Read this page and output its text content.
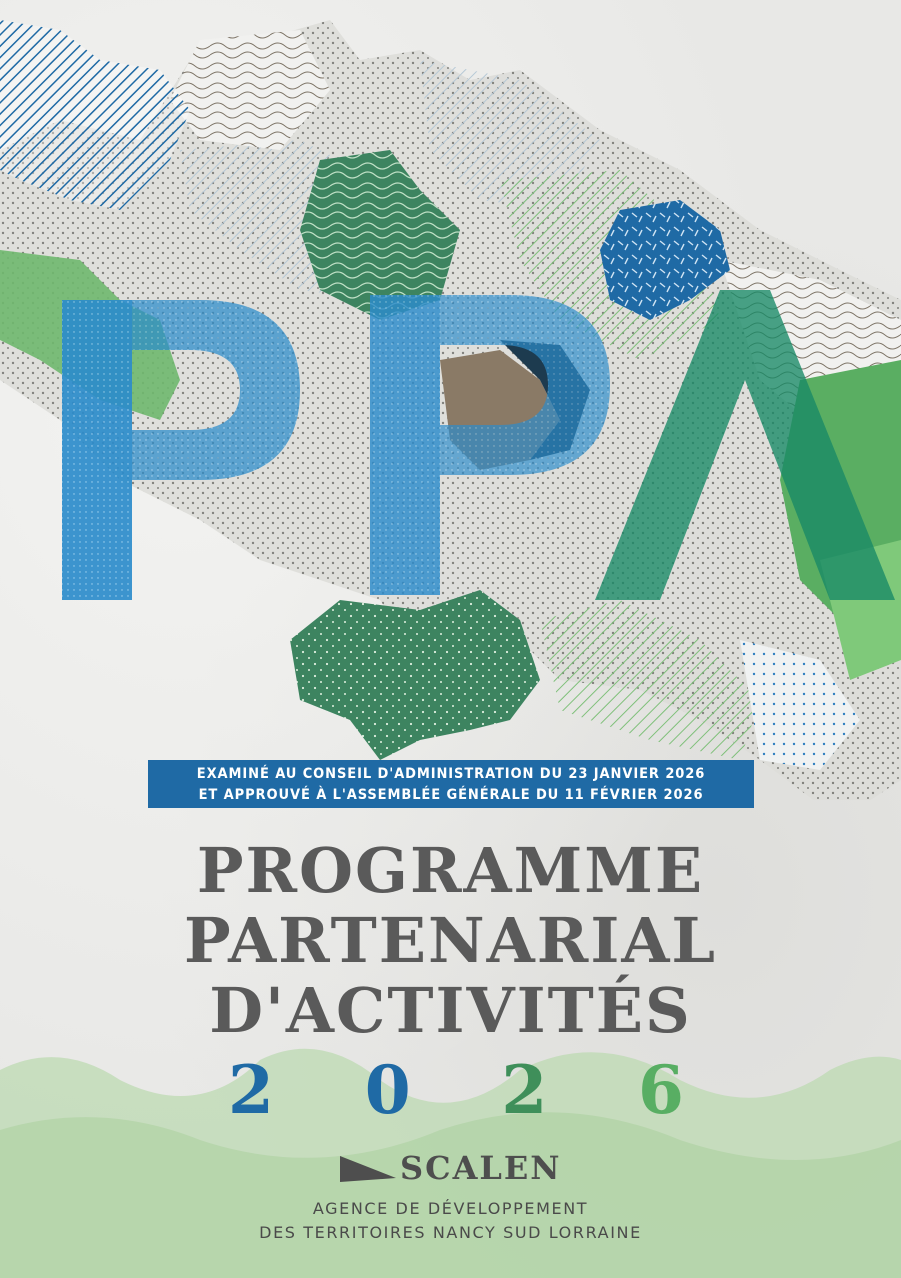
EXAMINÉ AU CONSEIL D'ADMINISTRATION DU 23 JANVIER 2026
ET APPROUVÉ À L'ASSEMBLÉE GÉNÉRALE DU 11 FÉVRIER 2026
PROGRAMME
PARTENARIAL
D'ACTIVITÉS
2 0 2 6
SCALEN
AGENCE DE DÉVELOPPEMENT
DES TERRITOIRES NANCY SUD LORRAINE
